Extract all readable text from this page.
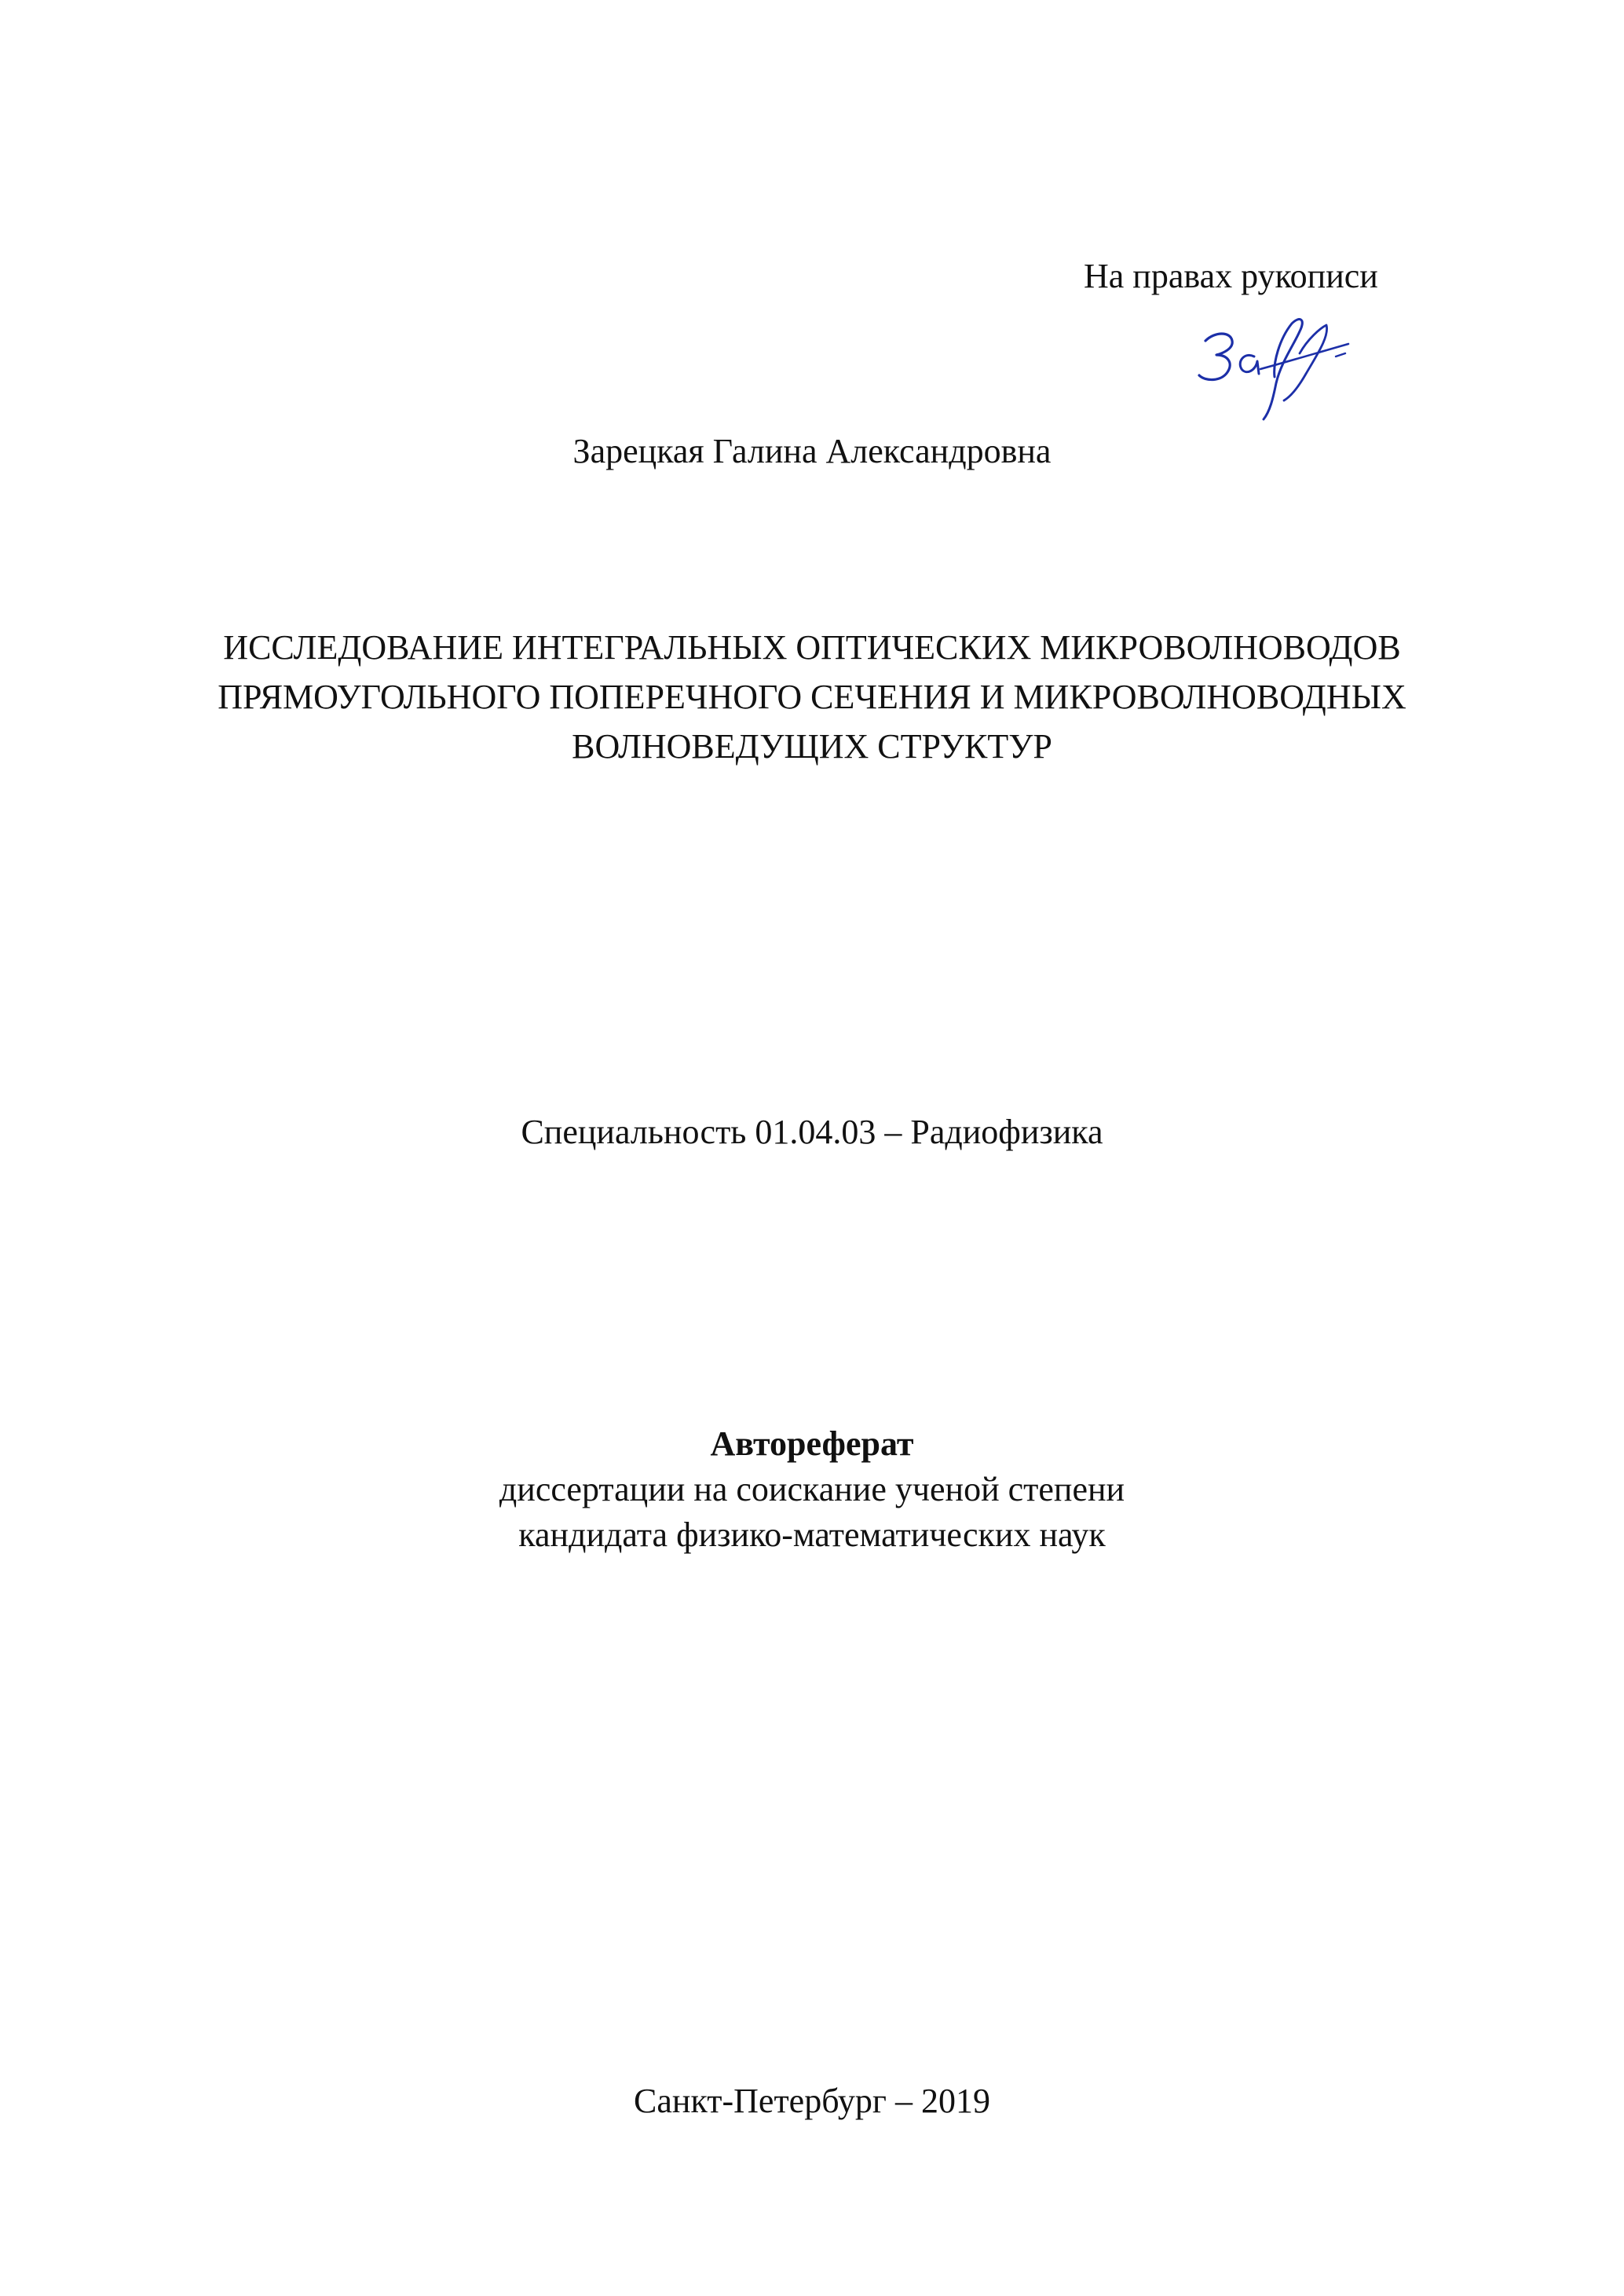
На правах рукописи
Зарецкая Галина Александровна
ИССЛЕДОВАНИЕ ИНТЕГРАЛЬНЫХ ОПТИЧЕСКИХ МИКРОВОЛНОВОДОВ
ПРЯМОУГОЛЬНОГО ПОПЕРЕЧНОГО СЕЧЕНИЯ И МИКРОВОЛНОВОДНЫХ
ВОЛНОВЕДУЩИХ СТРУКТУР
Специальность 01.04.03 – Радиофизика
Автореферат
диссертации на соискание ученой степени
кандидата физико-математических наук
Санкт-Петербург – 2019
